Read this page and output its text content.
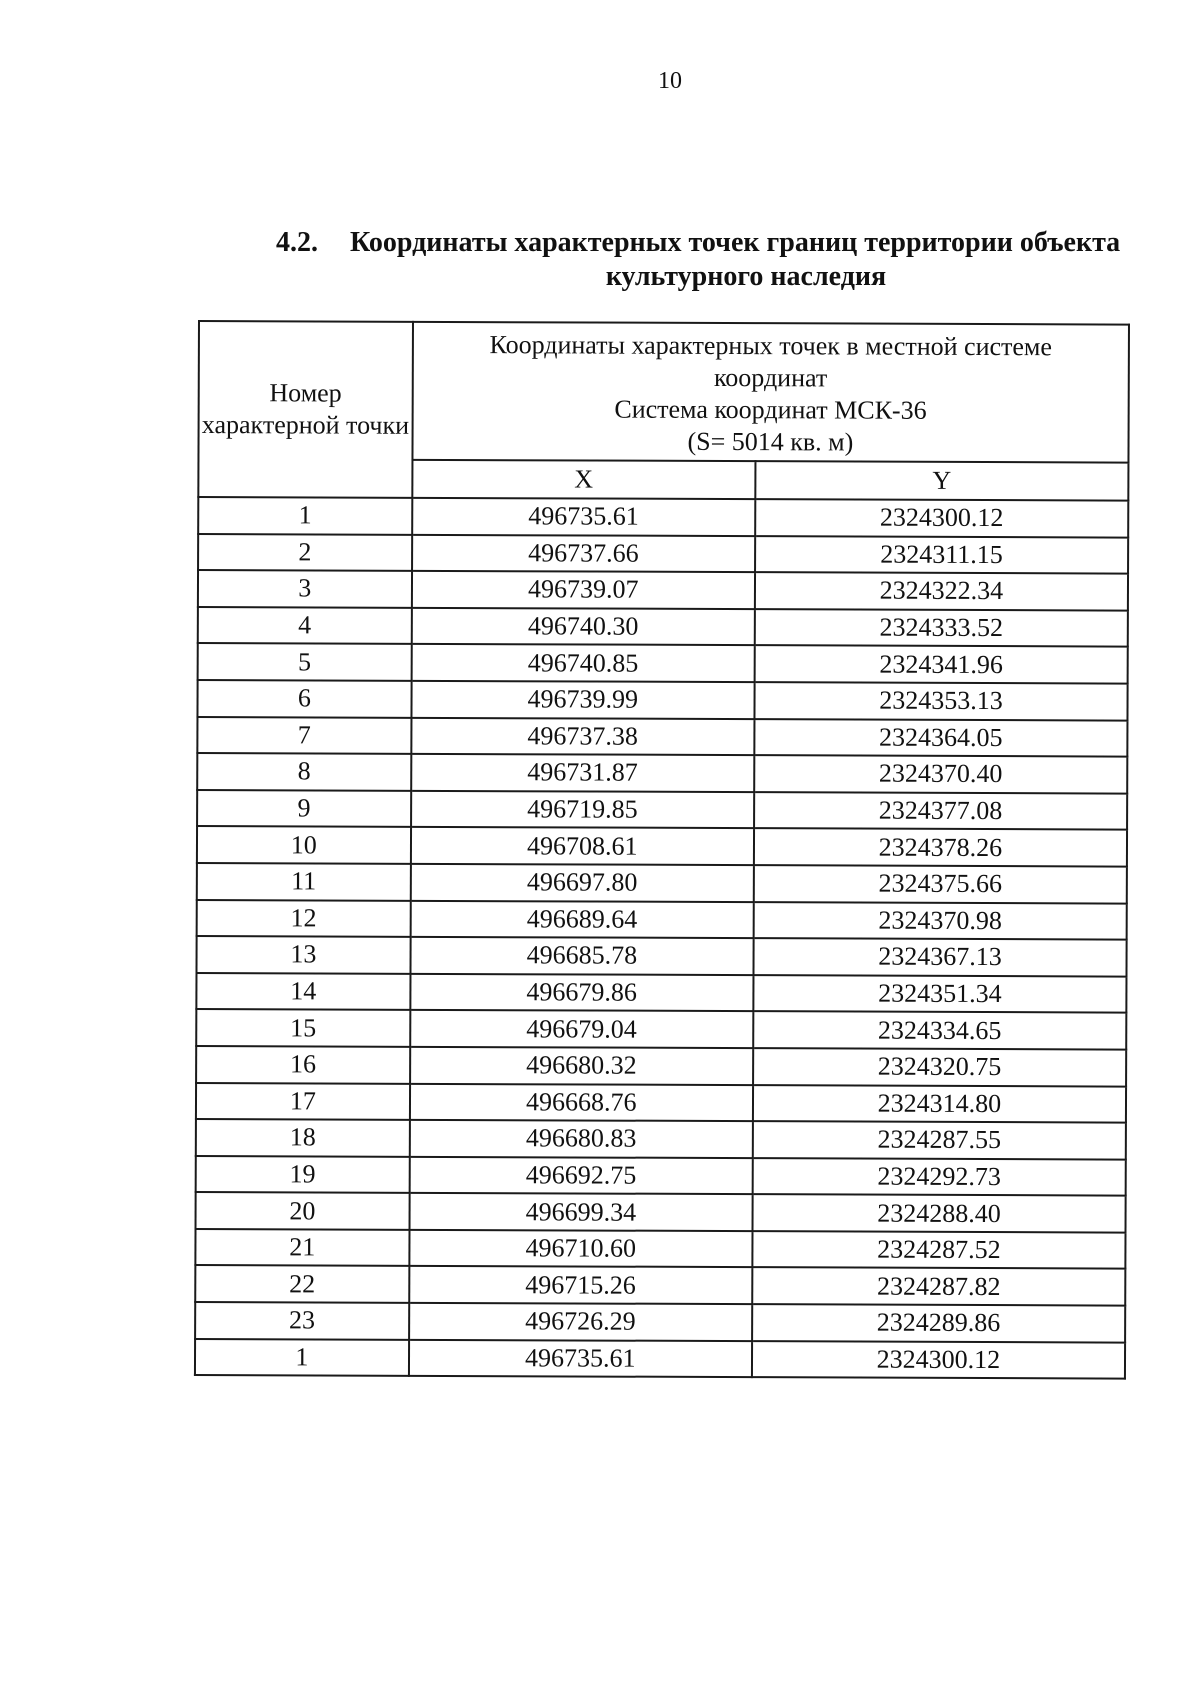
10
4.2. Координаты характерных точек границ территории объекта
культурного наследия
Номер характерной точки	Координаты характерных точек в местной системе
координат
Система координат МСК-36
(S= 5014 кв. м)	

	X	Y
1	496735.61	2324300.12
2	496737.66	2324311.15
3	496739.07	2324322.34
4	496740.30	2324333.52
5	496740.85	2324341.96
6	496739.99	2324353.13
7	496737.38	2324364.05
8	496731.87	2324370.40
9	496719.85	2324377.08
10	496708.61	2324378.26
11	496697.80	2324375.66
12	496689.64	2324370.98
13	496685.78	2324367.13
14	496679.86	2324351.34
15	496679.04	2324334.65
16	496680.32	2324320.75
17	496668.76	2324314.80
18	496680.83	2324287.55
19	496692.75	2324292.73
20	496699.34	2324288.40
21	496710.60	2324287.52
22	496715.26	2324287.82
23	496726.29	2324289.86
1	496735.61	2324300.12
